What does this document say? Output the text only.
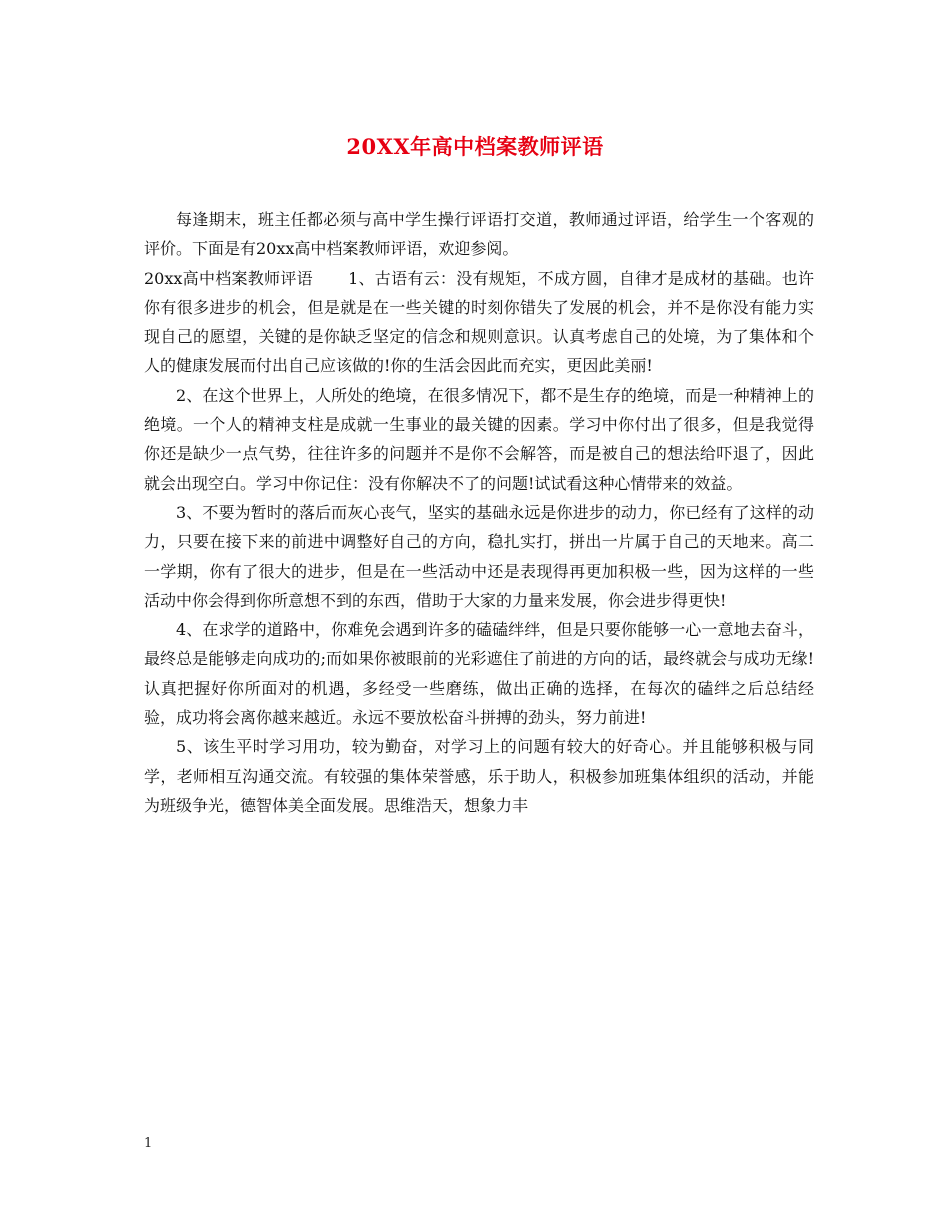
20XX年高中档案教师评语

每逢期末，班主任都必须与高中学生操行评语打交道，教师通过评语，给学生一个客观的评价。下面是有20xx高中档案教师评语，欢迎参阅。

20xx高中档案教师评语 1、古语有云：没有规矩，不成方圆，自律才是成材的基础。也许你有很多进步的机会，但是就是在一些关键的时刻你错失了发展的机会，并不是你没有能力实现自己的愿望，关键的是你缺乏坚定的信念和规则意识。认真考虑自己的处境，为了集体和个人的健康发展而付出自己应该做的!你的生活会因此而充实，更因此美丽!

2、在这个世界上，人所处的绝境，在很多情况下，都不是生存的绝境，而是一种精神上的绝境。一个人的精神支柱是成就一生事业的最关键的因素。学习中你付出了很多，但是我觉得你还是缺少一点气势，往往许多的问题并不是你不会解答，而是被自己的想法给吓退了，因此就会出现空白。学习中你记住：没有你解决不了的问题!试试看这种心情带来的效益。

3、不要为暂时的落后而灰心丧气，坚实的基础永远是你进步的动力，你已经有了这样的动力，只要在接下来的前进中调整好自己的方向，稳扎实打，拼出一片属于自己的天地来。高二一学期，你有了很大的进步，但是在一些活动中还是表现得再更加积极一些，因为这样的一些活动中你会得到你所意想不到的东西，借助于大家的力量来发展，你会进步得更快!

4、在求学的道路中，你难免会遇到许多的磕磕绊绊，但是只要你能够一心一意地去奋斗，最终总是能够走向成功的;而如果你被眼前的光彩遮住了前进的方向的话，最终就会与成功无缘!认真把握好你所面对的机遇，多经受一些磨练，做出正确的选择，在每次的磕绊之后总结经验，成功将会离你越来越近。永远不要放松奋斗拼搏的劲头，努力前进!

5、该生平时学习用功，较为勤奋，对学习上的问题有较大的好奇心。并且能够积极与同学，老师相互沟通交流。有较强的集体荣誉感，乐于助人，积极参加班集体组织的活动，并能为班级争光，德智体美全面发展。思维浩天，想象力丰

1
